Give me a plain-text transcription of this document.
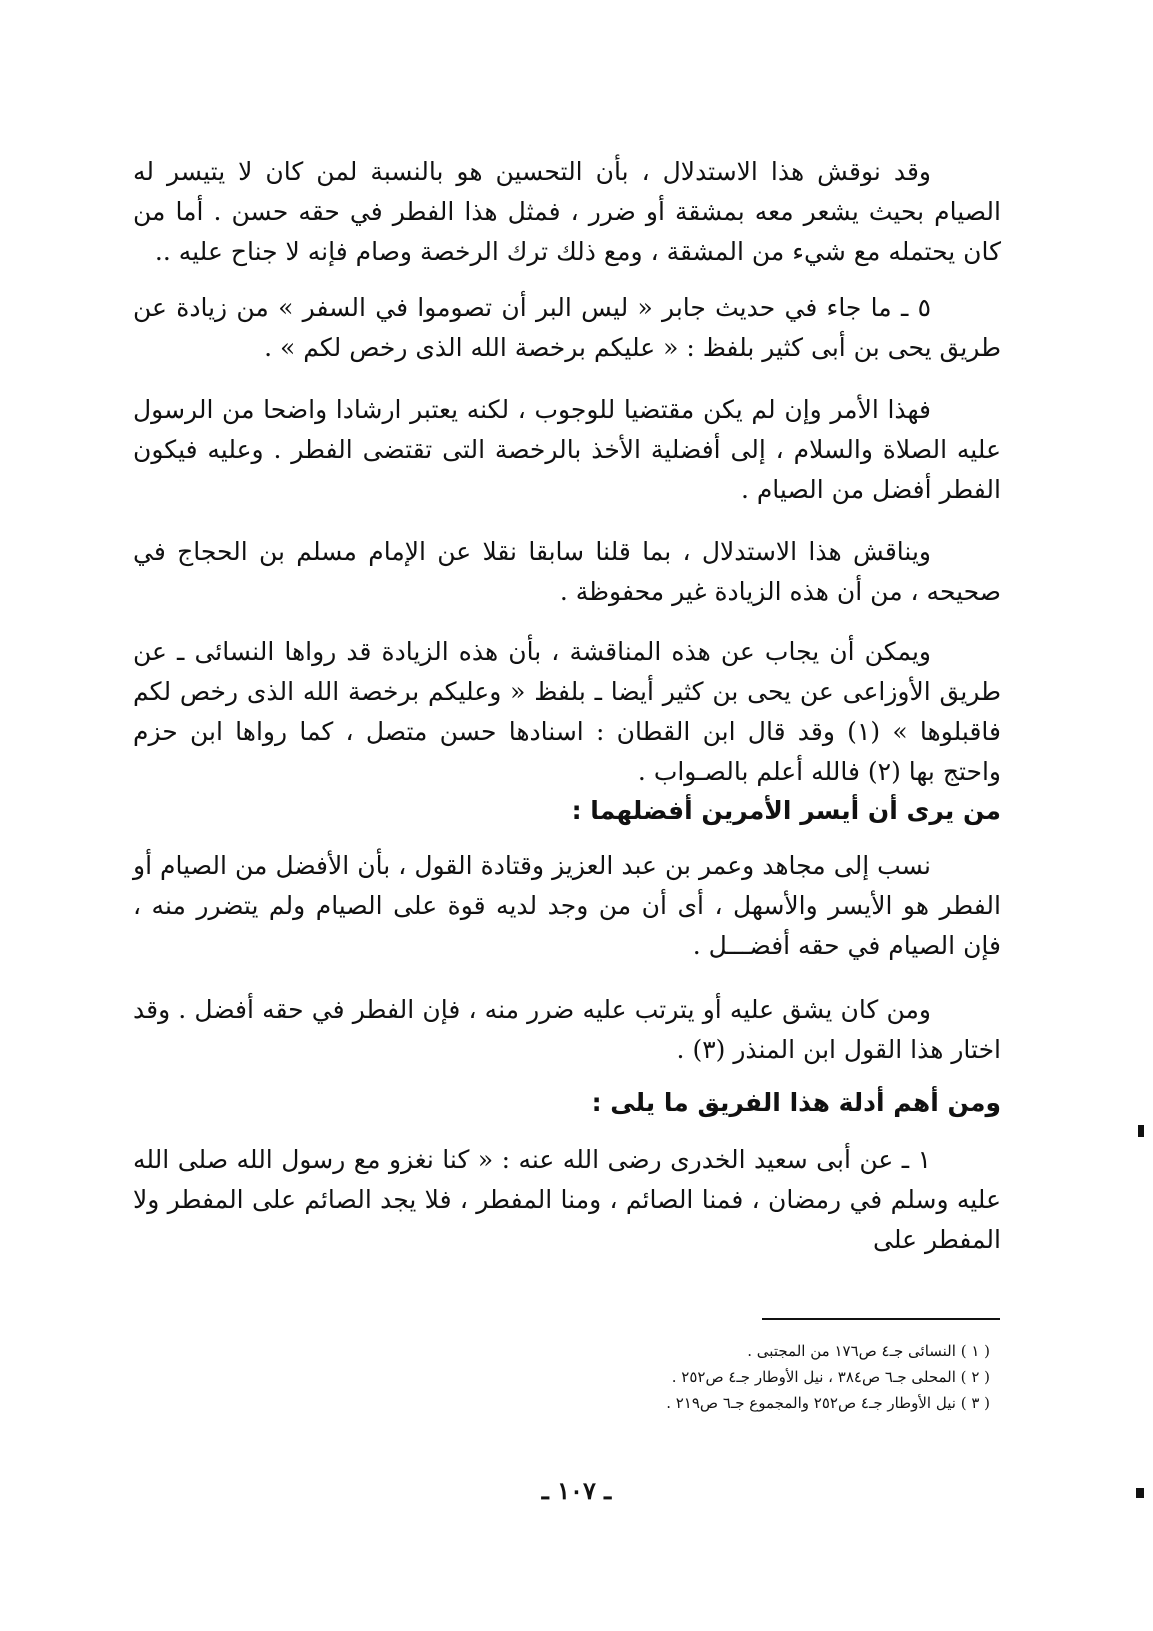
وقد نوقش هذا الاستدلال ، بأن التحسين هو بالنسبة لمن كان لا يتيسر له الصيام بحيث يشعر معه بمشقة أو ضرر ، فمثل هذا الفطر في حقه حسن . أما من كان يحتمله مع شيء من المشقة ، ومع ذلك ترك الرخصة وصام فإنه لا جناح عليه ..

٥ ـ ما جاء في حديث جابر « ليس البر أن تصوموا في السفر » من زيادة عن طريق يحى بن أبى كثير بلفظ : « عليكم برخصة الله الذى رخص لكم » .

فهذا الأمر وإن لم يكن مقتضيا للوجوب ، لكنه يعتبر ارشادا واضحا من الرسول عليه الصلاة والسلام ، إلى أفضلية الأخذ بالرخصة التى تقتضى الفطر . وعليه فيكون الفطر أفضل من الصيام .

ويناقش هذا الاستدلال ، بما قلنا سابقا نقلا عن الإمام مسلم بن الحجاج في صحيحه ، من أن هذه الزيادة غير محفوظة .

ويمكن أن يجاب عن هذه المناقشة ، بأن هذه الزيادة قد رواها النسائى ـ عن طريق الأوزاعى عن يحى بن كثير أيضا ـ بلفظ « وعليكم برخصة الله الذى رخص لكم فاقبلوها » (١) وقد قال ابن القطان : اسنادها حسن متصل ، كما رواها ابن حزم واحتج بها (٢) فالله أعلم بالصـواب .

من يرى أن أيسر الأمرين أفضلهما :

نسب إلى مجاهد وعمر بن عبد العزيز وقتادة القول ، بأن الأفضل من الصيام أو الفطر هو الأيسر والأسهل ، أى أن من وجد لديه قوة على الصيام ولم يتضرر منه ، فإن الصيام في حقه أفضـــل .

ومن كان يشق عليه أو يترتب عليه ضرر منه ، فإن الفطر في حقه أفضل . وقد اختار هذا القول ابن المنذر (٣) .

ومن أهم أدلة هذا الفريق ما يلى :

١ ـ عن أبى سعيد الخدرى رضى الله عنه : « كنا نغزو مع رسول الله صلى الله عليه وسلم في رمضان ، فمنا الصائم ، ومنا المفطر ، فلا يجد الصائم على المفطر ولا المفطر على

( ١ ) النسائى جـ٤ ص١٧٦ من المجتبى .
( ٢ ) المحلى جـ٦ ص٣٨٤ ، نيل الأوطار جـ٤ ص٢٥٢ .
( ٣ ) نيل الأوطار جـ٤ ص٢٥٢ والمجموع جـ٦ ص٢١٩ .
ـ ١٠٧ ـ
